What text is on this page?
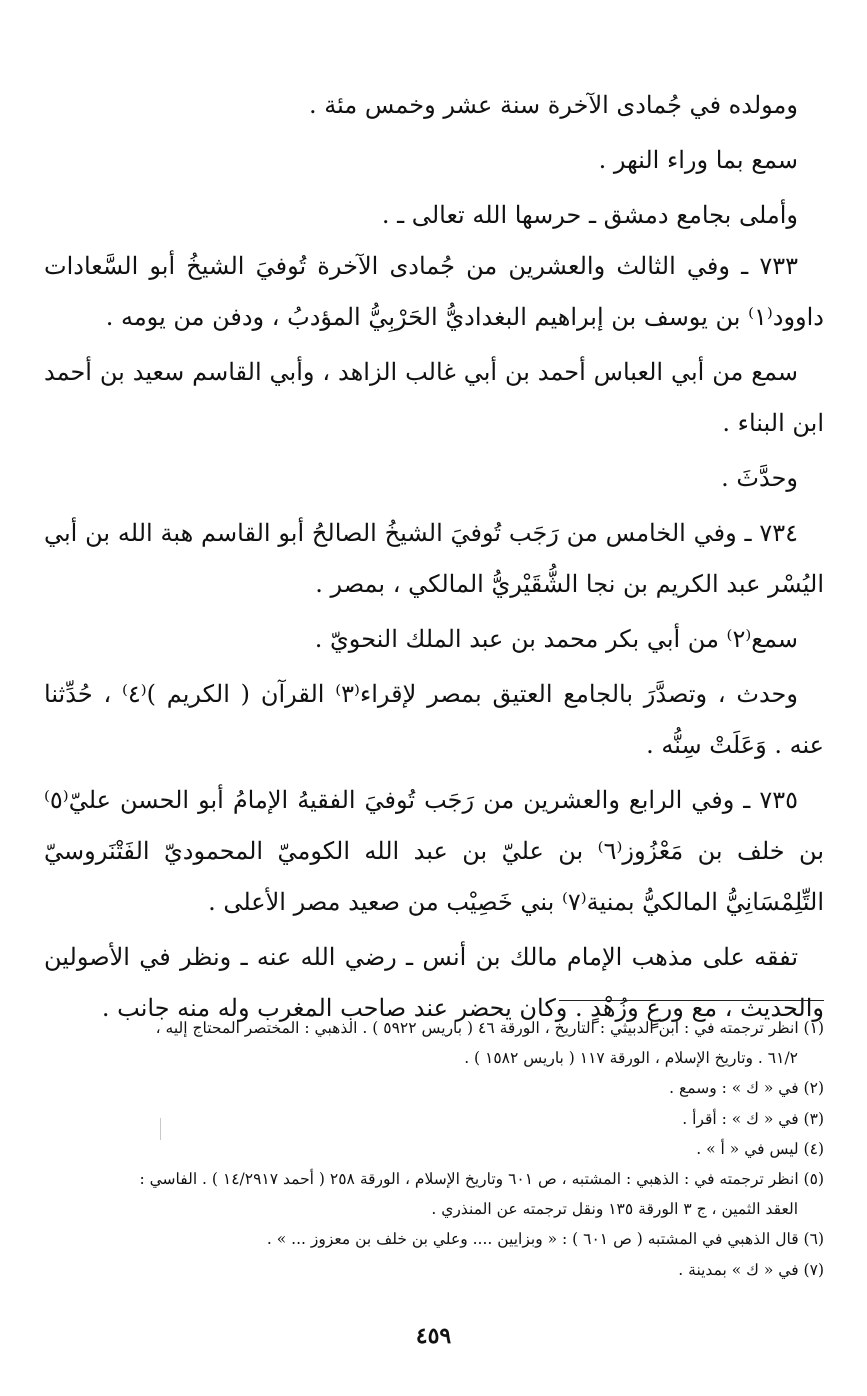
ومولده في جُمادى الآخرة سنة عشر وخمس مئة .

سمع بما وراء النهر .

وأملى بجامع دمشق ـ حرسها الله تعالى ـ .

٧٣٣ ـ وفي الثالث والعشرين من جُمادى الآخرة تُوفيَ الشيخُ أبو السَّعادات داوود⁽١⁾ بن يوسف بن إبراهيم البغداديُّ الحَرْبِيُّ المؤدبُ ، ودفن من يومه .

سمع من أبي العباس أحمد بن أبي غالب الزاهد ، وأبي القاسم سعيد بن أحمد ابن البناء .

وحدَّثَ .

٧٣٤ ـ وفي الخامس من رَجَب تُوفيَ الشيخُ الصالحُ أبو القاسم هبة الله بن أبي اليُسْر عبد الكريم بن نجا الشُّقَيْريُّ المالكي ، بمصر .

سمع⁽٢⁾ من أبي بكر محمد بن عبد الملك النحويّ .

وحدث ، وتصدَّرَ بالجامع العتيق بمصر لإقراء⁽٣⁾ القرآن ( الكريم )⁽٤⁾ ، حُدِّثنا عنه . وَعَلَتْ سِنُّه .

٧٣٥ ـ وفي الرابع والعشرين من رَجَب تُوفيَ الفقيهُ الإمامُ أبو الحسن عليّ⁽٥⁾ بن خلف بن مَعْزُوز⁽٦⁾ بن عليّ بن عبد الله الكوميّ المحموديّ الفَتْنَروسيّ التِّلِمْسَانِيُّ المالكيُّ بمنية⁽٧⁾ بني خَصِيْب من صعيد مصر الأعلى .

تفقه على مذهب الإمام مالك بن أنس ـ رضي الله عنه ـ ونظر في الأصولين والحديث ، مع ورعٍ وزُهْدٍ . وكان يحضر عند صاحب المغرب وله منه جانب .

(١) انظر ترجمته في : ابن الدبيثي : التاريخ ، الورقة ٤٦ ( باريس ٥٩٢٢ ) . الذهبي : المختصر المحتاج إليه ،

٦١/٢ . وتاريخ الإسلام ، الورقة ١١٧ ( باريس ١٥٨٢ ) .

(٢) في « ك » : وسمع .

(٣) في « ك » : أقرأ .

(٤) ليس في « أ » .

(٥) انظر ترجمته في : الذهبي : المشتبه ، ص ٦٠١ وتاريخ الإسلام ، الورقة ٢٥٨ ( أحمد ١٤/٢٩١٧ ) . الفاسي :

العقد الثمين ، ج ٣ الورقة ١٣٥ ونقل ترجمته عن المنذري .

(٦) قال الذهبي في المشتبه ( ص ٦٠١ ) : « وبزايين .... وعلي بن خلف بن معزوز ... » .

(٧) في « ك » بمدينة .

٤٥٩
